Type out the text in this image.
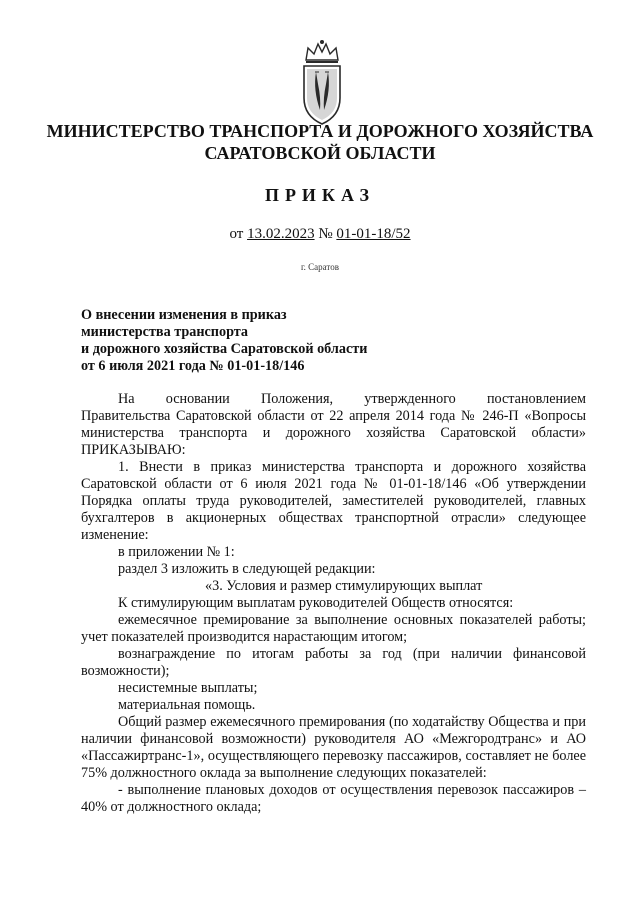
МИНИСТЕРСТВО ТРАНСПОРТА И ДОРОЖНОГО ХОЗЯЙСТВА
САРАТОВСКОЙ ОБЛАСТИ
ПРИКАЗ
от 13.02.2023 № 01-01-18/52
г. Саратов
О внесении изменения в приказ
министерства транспорта
и дорожного хозяйства Саратовской области
от 6 июля 2021 года № 01-01-18/146

На основании Положения, утвержденного постановлением

Правительства Саратовской области от 22 апреля 2014 года № 246-П «Вопросы министерства транспорта и дорожного хозяйства Саратовской области» ПРИКАЗЫВАЮ:

1. Внести в приказ министерства транспорта и дорожного хозяйства Саратовской области от 6 июля 2021 года № 01-01-18/146 «Об утверждении Порядка оплаты труда руководителей, заместителей руководителей, главных бухгалтеров в акционерных обществах транспортной отрасли» следующее изменение:

в приложении № 1:

раздел 3 изложить в следующей редакции:

«3. Условия и размер стимулирующих выплат

К стимулирующим выплатам руководителей Обществ относятся:

ежемесячное премирование за выполнение основных показателей работы; учет показателей производится нарастающим итогом;

вознаграждение по итогам работы за год (при наличии финансовой возможности);

несистемные выплаты;

материальная помощь.

Общий размер ежемесячного премирования (по ходатайству Общества и при наличии финансовой возможности) руководителя АО «Межгородтранс» и АО «Пассажиртранс-1», осуществляющего перевозку пассажиров, составляет не более 75% должностного оклада за выполнение следующих показателей:

- выполнение плановых доходов от осуществления перевозок пассажиров – 40% от должностного оклада;
